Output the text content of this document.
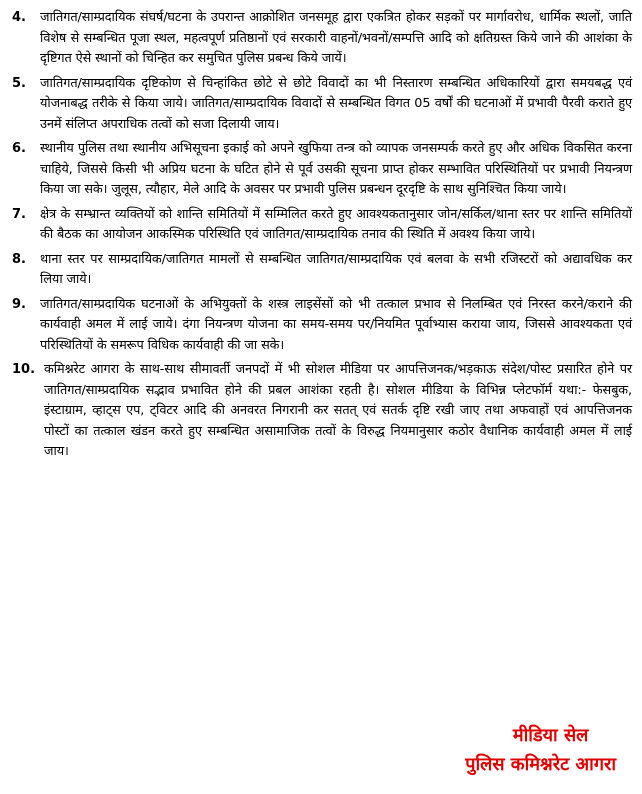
4.	जातिगत/साम्प्रदायिक संघर्ष/घटना के उपरान्त आक्रोशित जनसमूह द्वारा एकत्रित होकर सड़कों पर मार्गावरोध, धार्मिक स्थलों, जाति विशेष से सम्बन्धित पूजा स्थल, महत्वपूर्ण प्रतिष्ठानों एवं सरकारी वाहनों/भवनों/सम्पत्ति आदि को क्षतिग्रस्त किये जाने की आशंका के दृष्टिगत ऐसे स्थानों को चिन्हित कर समुचित पुलिस प्रबन्ध किये जायें।
5.	जातिगत/साम्प्रदायिक दृष्टिकोण से चिन्हांकित छोटे से छोटे विवादों का भी निस्तारण सम्बन्धित अधिकारियों द्वारा समयबद्ध एवं योजनाबद्ध तरीके से किया जाये। जातिगत/साम्प्रदायिक विवादों से सम्बन्धित विगत 05 वर्षों की घटनाओं में प्रभावी पैरवी कराते हुए उनमें संलिप्त अपराधिक तत्वों को सजा दिलायी जाय।
6.	स्थानीय पुलिस तथा स्थानीय अभिसूचना इकाई को अपने खुफिया तन्त्र को व्यापक जनसम्पर्क करते हुए और अधिक विकसित करना चाहिये, जिससे किसी भी अप्रिय घटना के घटित होने से पूर्व उसकी सूचना प्राप्त होकर सम्भावित परिस्थितियों पर प्रभावी नियन्त्रण किया जा सके। जुलूस, त्यौहार, मेले आदि के अवसर पर प्रभावी पुलिस प्रबन्धन दूरदृष्टि के साथ सुनिश्चित किया जाये।
7.	क्षेत्र के सम्भ्रान्त व्यक्तियों को शान्ति समितियों में सम्मिलित करते हुए आवश्यकतानुसार जोन/सर्किल/थाना स्तर पर शान्ति समितियों की बैठक का आयोजन आकस्मिक परिस्थिति एवं जातिगत/साम्प्रदायिक तनाव की स्थिति में अवश्य किया जाये।
8.	थाना स्तर पर साम्प्रदायिक/जातिगत मामलों से सम्बन्धित जातिगत/साम्प्रदायिक एवं बलवा के सभी रजिस्टरों को अद्यावधिक कर लिया जाये।
9.	जातिगत/साम्प्रदायिक घटनाओं के अभियुक्तों के शस्त्र लाइसेंसों को भी तत्काल प्रभाव से निलम्बित एवं निरस्त करने/कराने की कार्यवाही अमल में लाई जाये। दंगा नियन्त्रण योजना का समय-समय पर/नियमित पूर्वाभ्यास कराया जाय, जिससे आवश्यकता एवं परिस्थितियों के समरूप विधिक कार्यवाही की जा सके।
10. कमिश्नरेट आगरा के साथ-साथ सीमावर्ती जनपदों में भी सोशल मीडिया पर आपत्तिजनक/भड़काऊ संदेश/पोस्ट प्रसारित होने पर जातिगत/साम्प्रदायिक सद्भाव प्रभावित होने की प्रबल आशंका रहती है। सोशल मीडिया के विभिन्न प्लेटफॉर्म यथा:- फेसबुक, इंस्टाग्राम, व्हाट्स एप, ट्विटर आदि की अनवरत निगरानी कर सतत् एवं सतर्क दृष्टि रखी जाए तथा अफवाहों एवं आपत्तिजनक पोस्टों का तत्काल खंडन करते हुए सम्बन्धित असामाजिक तत्वों के विरुद्ध नियमानुसार कठोर वैधानिक कार्यवाही अमल में लाई जाय।
मीडिया सेल
पुलिस कमिश्नरेट आगरा
